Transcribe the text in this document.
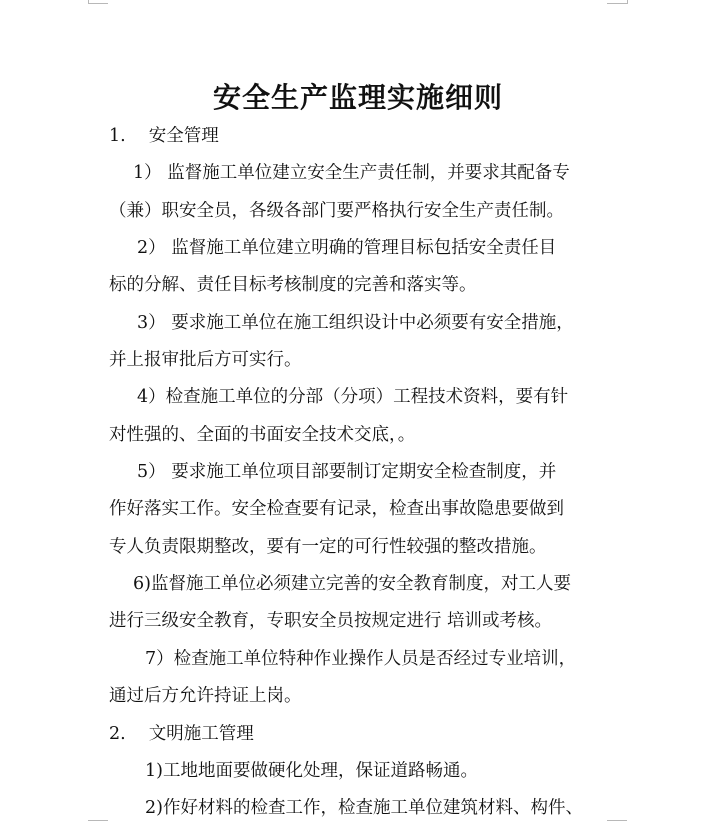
安全生产监理实施细则
1.　 安全管理
1） 监督施工单位建立安全生产责任制，并要求其配备专
（兼）职安全员，各级各部门要严格执行安全生产责任制。
2） 监督施工单位建立明确的管理目标包括安全责任目
标的分解、责任目标考核制度的完善和落实等。
3） 要求施工单位在施工组织设计中必须要有安全措施，
并上报审批后方可实行。
4）检查施工单位的分部（分项）工程技术资料，要有针
对性强的、全面的书面安全技术交底，。
5） 要求施工单位项目部要制订定期安全检查制度，并
作好落实工作。安全检查要有记录，检查出事故隐患要做到
专人负责限期整改，要有一定的可行性较强的整改措施。
6)监督施工单位必须建立完善的安全教育制度，对工人要
进行三级安全教育，专职安全员按规定进行 培训或考核。
7）检查施工单位特种作业操作人员是否经过专业培训，
通过后方允许持证上岗。
2.　 文明施工管理
1)工地地面要做硬化处理，保证道路畅通。
2)作好材料的检查工作，检查施工单位建筑材料、构件、
